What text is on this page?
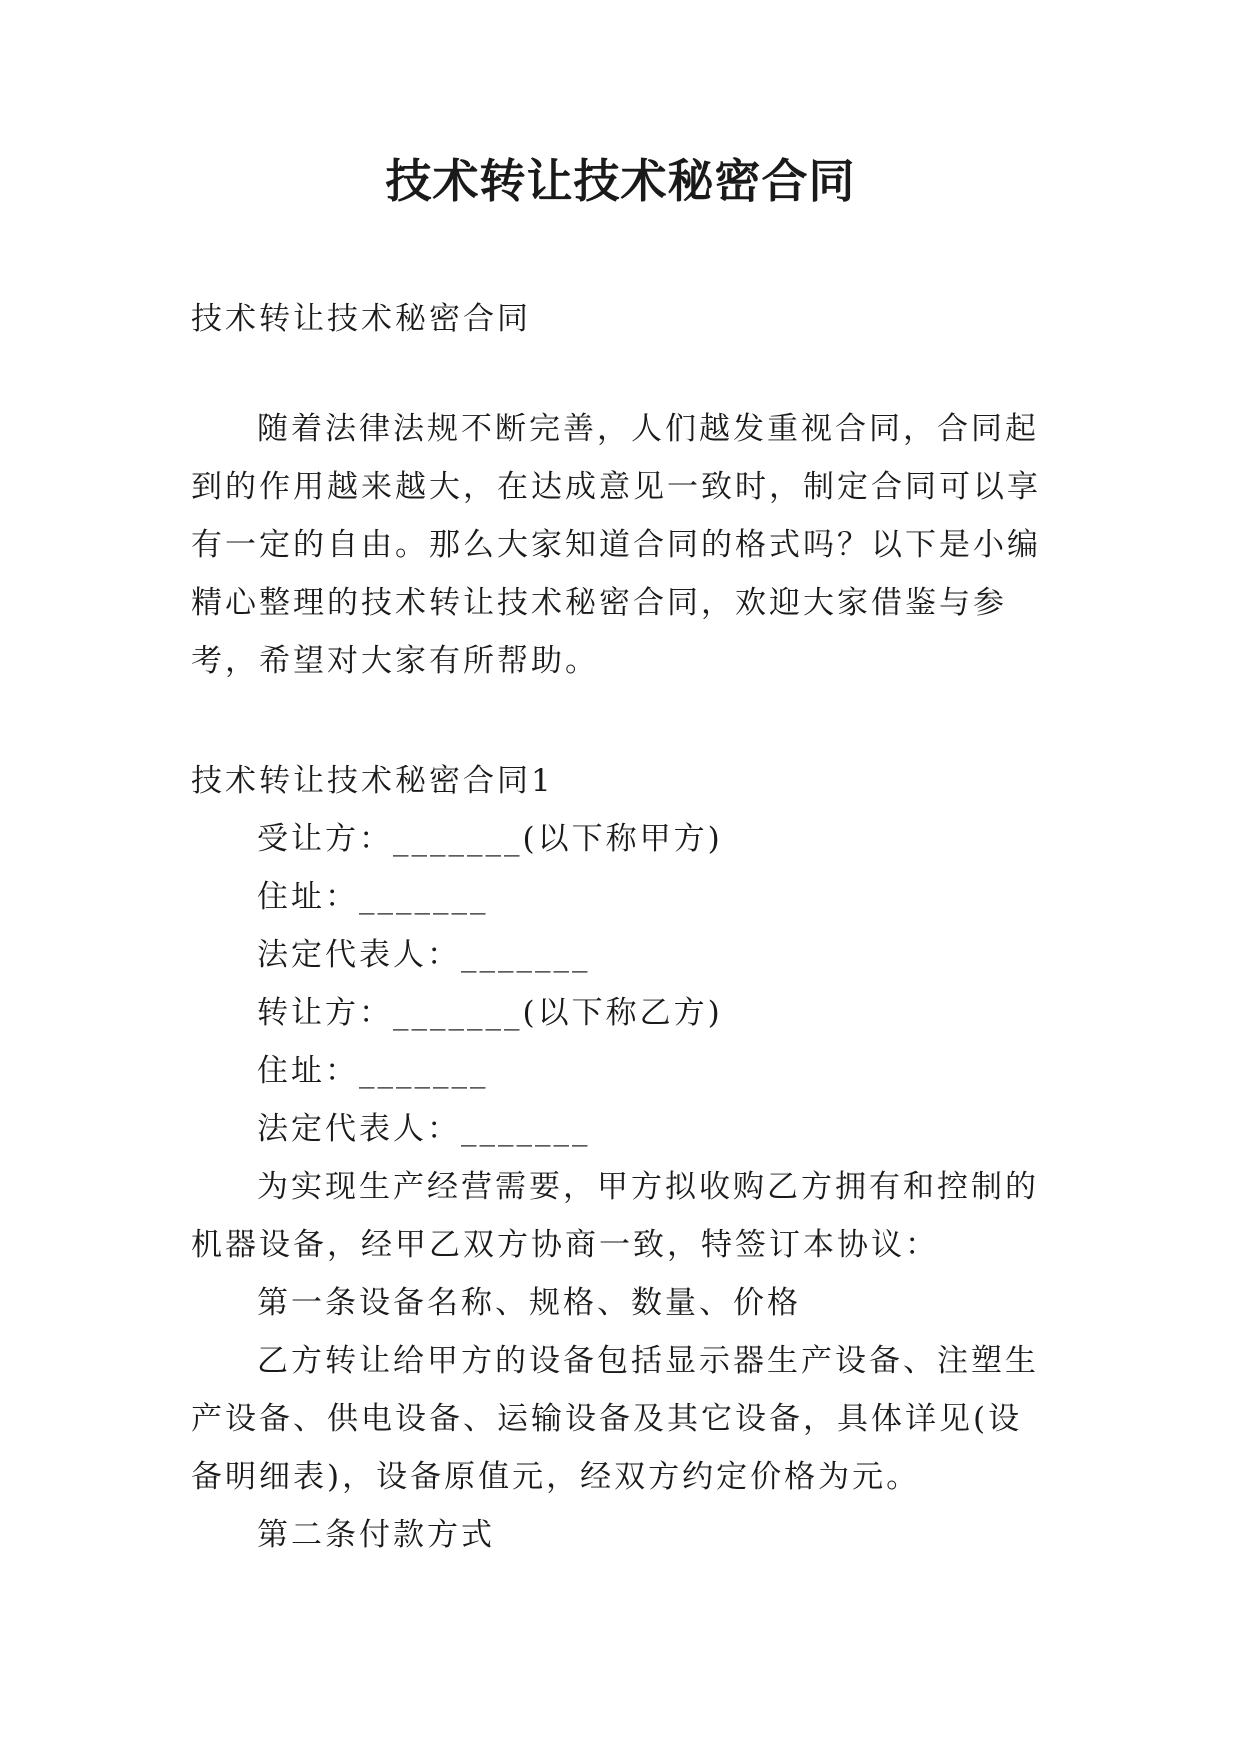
技术转让技术秘密合同

技术转让技术秘密合同

随着法律法规不断完善，人们越发重视合同，合同起到的作用越来越大，在达成意见一致时，制定合同可以享有一定的自由。那么大家知道合同的格式吗？以下是小编精心整理的技术转让技术秘密合同，欢迎大家借鉴与参考，希望对大家有所帮助。

技术转让技术秘密合同1

受让方：_______(以下称甲方)

住址：_______

法定代表人：_______

转让方：_______(以下称乙方)

住址：_______

法定代表人：_______

为实现生产经营需要，甲方拟收购乙方拥有和控制的机器设备，经甲乙双方协商一致，特签订本协议：

第一条设备名称、规格、数量、价格

乙方转让给甲方的设备包括显示器生产设备、注塑生产设备、供电设备、运输设备及其它设备，具体详见(设备明细表)，设备原值元，经双方约定价格为元。

第二条付款方式
